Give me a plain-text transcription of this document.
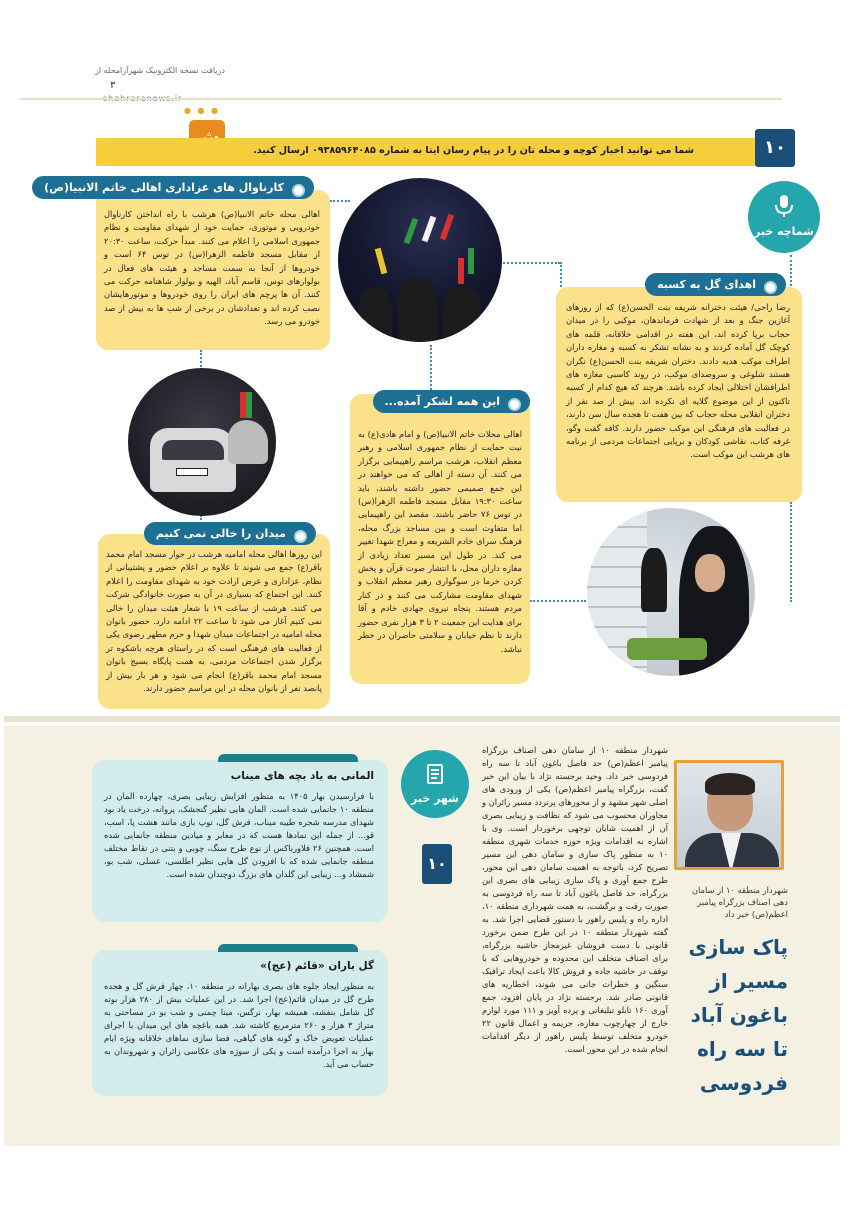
دریافت نسخه الکترونیک شهرآرامحله از
۳
● ● ●
شما می توانید اخبار کوچه و محله تان را در پیام رسان ایتا به شماره ۰۹۳۸۵۹۶۴۰۸۵ ارسال کنید.	۱۰
شماچه خبر
کارناوال های عزاداری اهالی خاتم الانبیا(ص)
اهالی محله خاتم الانبیا(ص) هرشب با راه انداختن کارناوال خودرویی و موتوری، حمایت خود از شهدای مقاومت و نظام جمهوری اسلامی را اعلام می کنند. مبدأ حرکت، ساعت ۲۰:۳۰ از مقابل مسجد فاطمه الزهرا(س) در توس ۶۴ است و خودروها از آنجا به سمت مساجد و هیئت های فعال در بولوارهای توس، قاسم آباد، الهیه و بولوار شاهنامه حرکت می کنند. آن ها پرچم های ایران را روی خودروها و موتورهایشان نصب کرده اند و تعدادشان در برخی از شب ها به بیش از صد خودرو می رسد.
اهدای گل به کسبه
رضا راحی/ هیئت دخترانه شریفه بنت الحسن(ع) که از روزهای آغازین جنگ و بعد از شهادت فرماندهان، موکبی را در میدان حجاب برپا کرده اند، این هفته در اقدامی خلاقانه، قلمه های کوچک گل آماده کردند و به نشانه تشکر به کسبه و مغازه داران اطراف موکب هدیه دادند. دختران شریفه بنت الحسن(ع) نگران هستند شلوغی و سروصدای موکب، در روند کاسبی مغازه های اطرافشان اختلالی ایجاد کرده باشد. هرچند که هیچ کدام از کسبه تاکنون از این موضوع گلایه ای نکرده اند. بیش از صد نفر از دختران انقلابی محله حجاب که بین هفت تا هجده سال سن دارند، در فعالیت های فرهنگی این موکب حضور دارند. کافه گفت وگو، غرفه کتاب، نقاشی کودکان و برپایی اجتماعات مردمی از برنامه های هرشب این موکب است.
این همه لشکر آمده...
اهالی محلات خاتم الانبیا(ص) و امام هادی(ع) به نیت حمایت از نظام جمهوری اسلامی و رهبر معظم انقلاب، هرشب مراسم راهپیمایی برگزار می کنند. آن دسته از اهالی که می خواهند در این جمع صمیمی حضور داشته باشند، باید ساعت ۱۹:۳۰ مقابل مسجد فاطمه الزهرا(س) در توس ۷۶ حاضر باشند. مقصد این راهپیمایی اما متفاوت است و بین مساجد بزرگ محله، فرهنگ سرای خادم الشریعه و معراج شهدا تغییر می کند. در طول این مسیر تعداد زیادی از مغازه داران محل، با انتشار صوت قرآن و پخش کردن خرما در سوگواری رهبر معظم انقلاب و شهدای مقاومت مشارکت می کنند و در کنار مردم هستند. پنجاه نیروی جهادی خادم و آقا برای هدایت این جمعیت ۲ تا ۳ هزار نفری حضور دارند تا نظم خیابان و سلامتی حاضران در خطر نباشد.
میدان را خالی نمی کنیم
این روزها اهالی محله امامیه هرشب در جوار مسجد امام محمد باقر(ع) جمع می شوند تا علاوه بر اعلام حضور و پشتیبانی از نظام، عزاداری و عرض ارادت خود به شهدای مقاومت را اعلام کنند. این اجتماع که بسیاری در آن به صورت خانوادگی شرکت می کنند، هرشب از ساعت ۱۹ با شعار هیئت میدان را خالی نمی کنیم آغاز می شود تا ساعت ۲۲ ادامه دارد. حضور بانوان محله امامیه در اجتماعات میدان شهدا و حرم مطهر رضوی یکی از فعالیت های فرهنگی است که در راستای هرچه باشکوه تر برگزار شدن اجتماعات مردمی، به همت پایگاه بسیج بانوان مسجد امام محمد باقر(ع) انجام می شود و هر بار بیش از پانصد نفر از بانوان محله در این مراسم حضور دارند.
المانی به یاد بچه های میناب
با فرارسیدن بهار ۱۴۰۵ به منظور افزایش زیبایی بصری، چهارده المان در منطقه ۱۰ جانمایی شده است. المان هایی نظیر گنجشک، پروانه، درخت یاد بود شهدای مدرسه شجره طیبه میناب، فرش گل، توپ بازی مانند هشت پا، اسب، قو... از جمله این نمادها هست که در معابر و میادین منطقه جانمایی شده است. همچنین ۲۶ فلاورباکس از نوع طرح سنگ، چوبی و بتنی در نقاط مختلف منطقه جانمایی شده که با افزودن گل هایی نظیر اطلسی، عسلی، شب بو، شمشاد و... زیبایی این گلدان های بزرگ دوچندان شده است.
گل باران «قائم (عج)»
به منظور ایجاد جلوه های بصری بهارانه در منطقه ۱۰، چهار فرش گل و هجده طرح گل در میدان قائم(عج) اجرا شد. در این عملیات بیش از ۲۸۰ هزار بوته گل شامل بنفشه، همیشه بهار، نرگس، مینا چمنی و شب بو در مساحتی به متراژ ۳ هزار و ۲۶۰ مترمربع کاشته شد. همه باغچه های این میدان با اجرای عملیات تعویض خاک و گونه های گیاهی، فضا سازی نماهای خلاقانه ویژه ایام بهار به اجرا درآمده است و یکی از سوژه های عکاسی زائران و شهروندان به حساب می آید.
شهر خبر
۱۰
شهردار منطقه ۱۰ از سامان دهی اصناف بزرگراه پیامبر اعظم(ص) حد فاصل باغون آباد تا سه راه فردوسی خبر داد. وحید برجسته نژاد با بیان این خبر گفت، بزرگراه پیامبر اعظم(ص) یکی از ورودی های اصلی شهر مشهد و از محورهای پرتردد مسیر زائران و مجاوران محسوب می شود که نظافت و زیبایی بصری آن از اهمیت شایان توجهی برخوردار است. وی با اشاره به اقدامات ویژه حوزه خدمات شهری منطقه ۱۰ به منظور پاک سازی و سامان دهی این مسیر تصریح کرد، باتوجه به اهمیت سامان دهی این محور، طرح جمع آوری و پاک سازی زیبایی های بصری این بزرگراه، حد فاصل باغون آباد تا سه راه فردوسی به صورت رفت و برگشت، به همت شهرداری منطقه ۱۰، اداره راه و پلیس راهور با دستور قضایی اجرا شد. به گفته شهردار منطقه ۱۰ در این طرح ضمن برخورد قانونی با دست فروشان غیرمجاز حاشیه بزرگراه، برای اصناف متخلف این محدوده و خودروهایی که با توقف در حاشیه جاده و فروش کالا باعث ایجاد ترافیک سنگین و خطرات جانی می شوند، اخطاریه های قانونی صادر شد. برجسته نژاد در پایان افزود، جمع آوری ۱۶۰ تابلو تبلیغاتی و پرده آویز و ۱۱۱ مورد لوازم خارج از چهارچوب مغازه، جریمه و اعمال قانون ۲۲ خودرو متخلف توسط پلیس راهور از دیگر اقدامات انجام شده در این محور است.
شهردار منطقه ۱۰ از سامان دهی اصناف بزرگراه پیامبر اعظم(ص) خبر داد
پاک سازی مسیر از باغون آباد تا سه راه فردوسی
